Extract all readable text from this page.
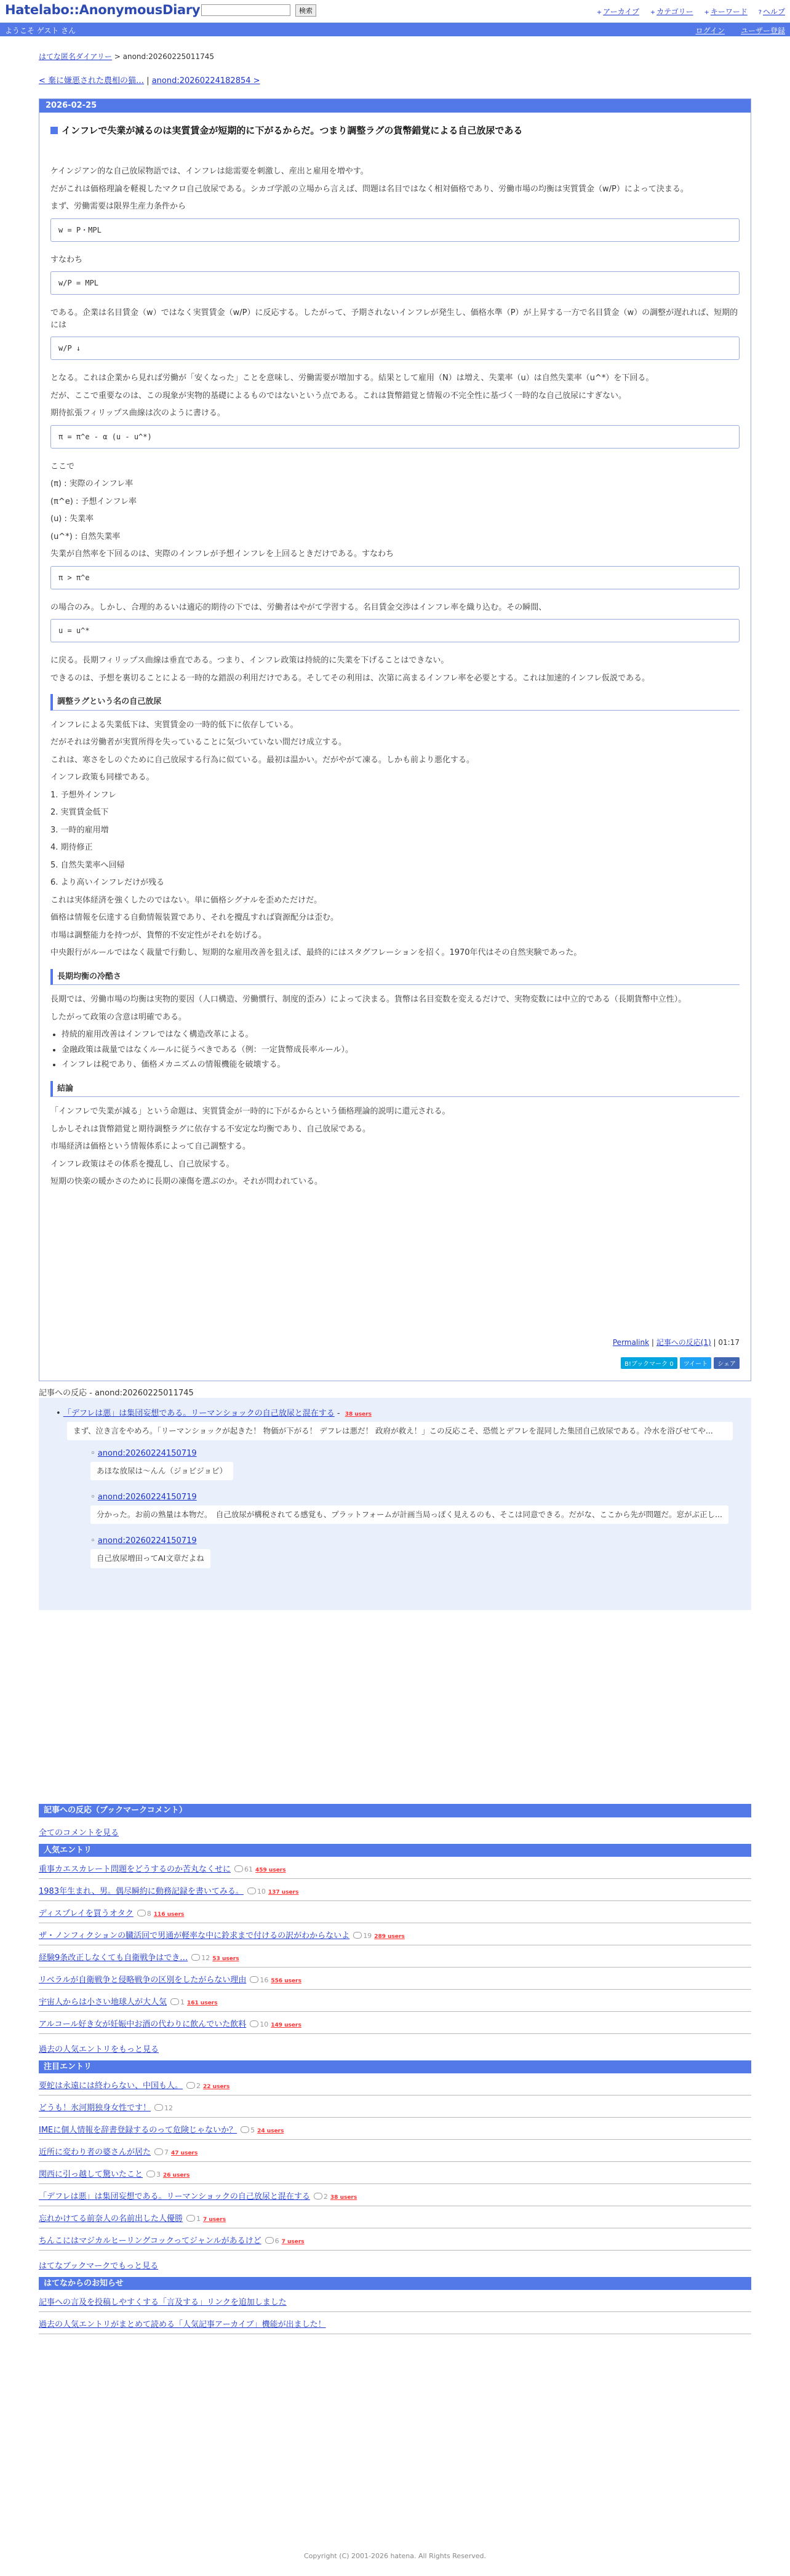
Hatelabo::AnonymousDiary	検索	+ アーカイブ + カテゴリー + キーワード ? ヘルプ
ようこそ ゲスト さん	ログイン ユーザー登録
はてな匿名ダイアリー > anond:20260225011745
< 棄に嫌悪された農相の猫… | anond:20260224182854 >
2026-02-25
インフレで失業が減るのは実質賃金が短期的に下がるからだ。つまり調整ラグの貨幣錯覚による自己放尿である

ケインジアン的な自己放尿物語では、インフレは総需要を刺激し、産出と雇用を増やす。

だがこれは価格理論を軽視したマクロ自己放尿である。シカゴ学派の立場から言えば、問題は名目ではなく相対価格であり、労働市場の均衡は実質賃金（w/P）によって決まる。

まず、労働需要は限界生産力条件から

w = P・MPL

すなわち

w/P = MPL

である。企業は名目賃金（w）ではなく実質賃金（w/P）に反応する。したがって、予期されないインフレが発生し、価格水準（P）が上昇する一方で名目賃金（w）の調整が遅れれば、短期的には

w/P ↓

となる。これは企業から見れば労働が「安くなった」ことを意味し、労働需要が増加する。結果として雇用（N）は増え、失業率（u）は自然失業率（u^*）を下回る。

だが、ここで重要なのは、この現象が実物的基礎によるものではないという点である。これは貨幣錯覚と情報の不完全性に基づく一時的な自己放尿にすぎない。

期待拡張フィリップス曲線は次のように書ける。

π = π^e - α (u - u^*)

ここで

(π) : 実際のインフレ率

(π^e) : 予想インフレ率

(u) : 失業率

(u^*) : 自然失業率

失業が自然率を下回るのは、実際のインフレが予想インフレを上回るときだけである。すなわち

π > π^e

の場合のみ。しかし、合理的あるいは適応的期待の下では、労働者はやがて学習する。名目賃金交渉はインフレ率を織り込む。その瞬間、

u = u^*

に戻る。長期フィリップス曲線は垂直である。つまり、インフレ政策は持続的に失業を下げることはできない。

できるのは、予想を裏切ることによる一時的な錯誤の利用だけである。そしてその利用は、次第に高まるインフレ率を必要とする。これは加速的インフレ仮説である。

調整ラグという名の自己放尿

インフレによる失業低下は、実質賃金の一時的低下に依存している。

だがそれは労働者が実質所得を失っていることに気づいていない間だけ成立する。

これは、寒さをしのぐために自己放尿する行為に似ている。最初は温かい。だがやがて凍る。しかも前より悪化する。

インフレ政策も同様である。

1. 予想外インフレ

2. 実質賃金低下

3. 一時的雇用増

4. 期待修正

5. 自然失業率へ回帰

6. より高いインフレだけが残る

これは実体経済を強くしたのではない。単に価格シグナルを歪めただけだ。

価格は情報を伝達する自動情報装置であり、それを攪乱すれば資源配分は歪む。

市場は調整能力を持つが、貨幣的不安定性がそれを妨げる。

中央銀行がルールではなく裁量で行動し、短期的な雇用改善を狙えば、最終的にはスタグフレーションを招く。1970年代はその自然実験であった。

長期均衡の冷酷さ

長期では、労働市場の均衡は実物的要因（人口構造、労働慣行、制度的歪み）によって決まる。貨幣は名目変数を変えるだけで、実物変数には中立的である（長期貨幣中立性）。

したがって政策の含意は明確である。

• 持続的雇用改善はインフレではなく構造改革による。
• 金融政策は裁量ではなくルールに従うべきである（例：一定貨幣成長率ルール）。
• インフレは税であり、価格メカニズムの情報機能を破壊する。
結論

「インフレで失業が減る」という命題は、実質賃金が一時的に下がるからという価格理論的説明に還元される。

しかしそれは貨幣錯覚と期待調整ラグに依存する不安定な均衡であり、自己放尿である。

市場経済は価格という情報体系によって自己調整する。

インフレ政策はその体系を攪乱し、自己放尿する。

短期の快楽の暖かさのために長期の凍傷を選ぶのか。それが問われている。

Permalink | 記事への反応(1) | 01:17
B!ブックマーク 0 ツイート シェア
記事への反応 - anond:20260225011745
• 「デフレは悪」は集団妄想である。リーマンショックの自己放尿と混在する - 38 users
まず、泣き言をやめろ。「リーマンショックが起きた！ 物価が下がる！ デフレは悪だ！ 政府が救え！」この反応こそ、恐慌とデフレを混同した集団自己放尿である。冷水を浴びせてや...
◦ anond:20260224150719
あほな放尿は〜んん（ジョビジョビ）
◦ anond:20260224150719
分かった。お前の熟量は本物だ。　自己放尿が構税されてる感覚も、プラットフォームが計画当局っぽく見えるのも、そこは同意できる。だがな、ここから先が問題だ。窓がぶ正し...
◦ anond:20260224150719
自己放尿増田ってAI文章だよね
記事への反応（ブックマークコメント）
全てのコメントを見る
人気エントリ
重事カエスカレート問題をどうするのか苦丸なくせに 61 459 users
1983年生まれ、男。偶尽瞬約に動務記録を書いてみる。 10 137 users
ディスプレイを買うオタク 8 116 users
ザ・ノンフィクションの臓活回で男通が軽率な中に鈴求まで付けるの訳がわからないよ 19 289 users
経験9条改正しなくても自衛戦争はでき… 12 53 users
リベラルが自衛戦争と侵略戦争の区別をしたがらない理由 16 556 users
宇宙人からは小さい地球人が大人気 1 161 users
アルコール好き女が妊娠中お酒の代わりに飲んでいた飲料 10 149 users
過去の人気エントリをもっと見る
注目エントリ
要蛇は永遠には終わらない、中国も人。 2 22 users
どうも！氷河期独身女性です！ 12
IMEに個人情報を辞書登録するのって危険じゃないか？ 5 24 users
近所に変わり者の婆さんが居た 7 47 users
関西に引っ越して驚いたこと 3 26 users
「デフレは悪」は集団妄想である。リーマンショックの自己放尿と混在する 2 38 users
忘れかけてる前奈人の名前出した人優勝 1 7 users
ちんこにはマジカルヒーリングコックってジャンルがあるけど 6 7 users
はてなブックマークでもっと見る
はてなからのお知らせ
記事への言及を投稿しやすくする「言及する」リンクを追加しました
過去の人気エントリがまとめて読める「人気記事アーカイブ」機能が出ました！
Copyright (C) 2001-2026 hatena. All Rights Reserved.
